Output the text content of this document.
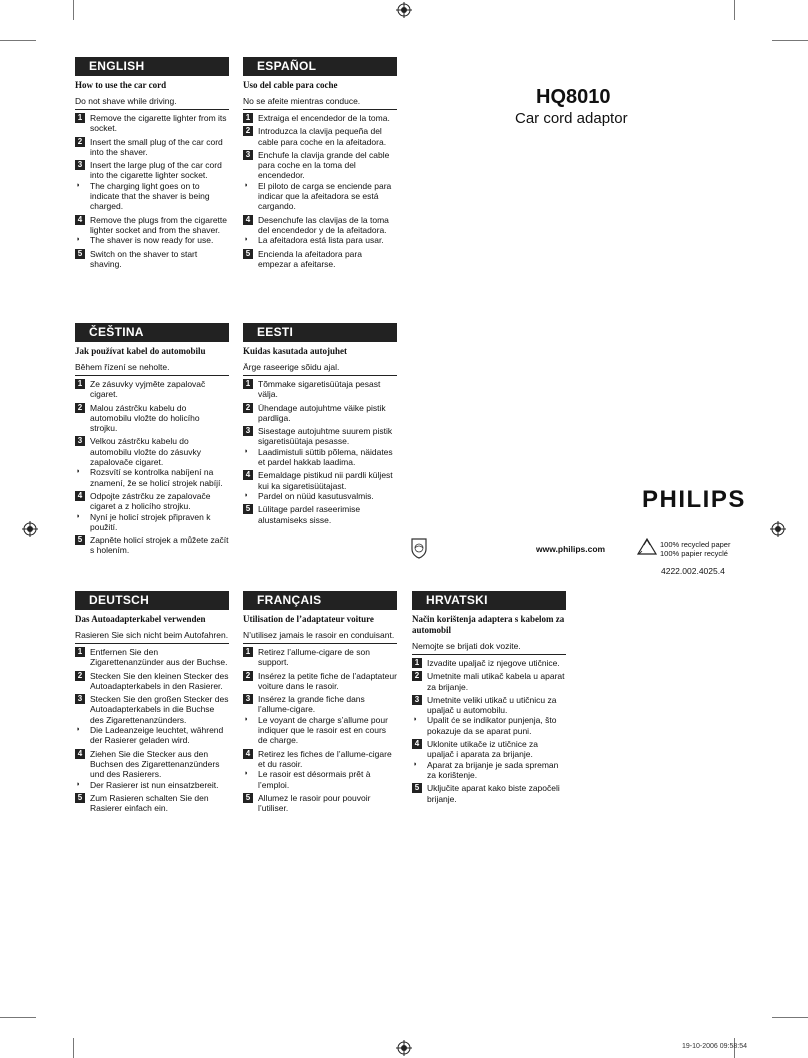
ENGLISH
How to use the car cord
Do not shave while driving.
1 Remove the cigarette lighter from its socket.
2 Insert the small plug of the car cord into the shaver.
3 Insert the large plug of the car cord into the cigarette lighter socket.
◗ The charging light goes on to indicate that the shaver is being charged.
4 Remove the plugs from the cigarette lighter socket and from the shaver.
◗ The shaver is now ready for use.
5 Switch on the shaver to start shaving.
ESPAÑOL
Uso del cable para coche
No se afeite mientras conduce.
1 Extraiga el encendedor de la toma.
2 Introduzca la clavija pequeña del cable para coche en la afeitadora.
3 Enchufe la clavija grande del cable para coche en la toma del encendedor.
◗ El piloto de carga se enciende para indicar que la afeitadora se está cargando.
4 Desenchufe las clavijas de la toma del encendedor y de la afeitadora.
◗ La afeitadora está lista para usar.
5 Encienda la afeitadora para empezar a afeitarse.
ČEŠTINA
Jak používat kabel do automobilu
Během řízení se neholte.
1 Ze zásuvky vyjměte zapalovač cigaret.
2 Malou zástrčku kabelu do automobilu vložte do holicího strojku.
3 Velkou zástrčku kabelu do automobilu vložte do zásuvky zapalovače cigaret.
◗ Rozsvítí se kontrolka nabíjení na znamení, že se holicí strojek nabíjí.
4 Odpojte zástrčku ze zapalovače cigaret a z holicího strojku.
◗ Nyní je holicí strojek připraven k použití.
5 Zapněte holicí strojek a můžete začít s holením.
EESTI
Kuidas kasutada autojuhet
Ärge raseerige sõidu ajal.
1 Tõmmake sigaretisüütaja pesast välja.
2 Ühendage autojuhtme väike pistik pardliga.
3 Sisestage autojuhtme suurem pistik sigaretisüütaja pesasse.
◗ Laadimistuli süttib põlema, näidates et pardel hakkab laadima.
4 Eemaldage pistikud nii pardli küljest kui ka sigaretisüütajast.
◗ Pardel on nüüd kasutusvalmis.
5 Lülitage pardel raseerimise alustamiseks sisse.
DEUTSCH
Das Autoadapterkabel verwenden
Rasieren Sie sich nicht beim Autofahren.
1 Entfernen Sie den Zigarettenanzünder aus der Buchse.
2 Stecken Sie den kleinen Stecker des Autoadapterkabels in den Rasierer.
3 Stecken Sie den großen Stecker des Autoadapterkabels in die Buchse des Zigarettenanzünders.
◗ Die Ladeanzeige leuchtet, während der Rasierer geladen wird.
4 Ziehen Sie die Stecker aus den Buchsen des Zigarettenanzünders und des Rasierers.
◗ Der Rasierer ist nun einsatzbereit.
5 Zum Rasieren schalten Sie den Rasierer einfach ein.
FRANÇAIS
Utilisation de l’adaptateur voiture
N’utilisez jamais le rasoir en conduisant.
1 Retirez l’allume-cigare de son support.
2 Insérez la petite fiche de l’adaptateur voiture dans le rasoir.
3 Insérez la grande fiche dans l’allume-cigare.
◗ Le voyant de charge s’allume pour indiquer que le rasoir est en cours de charge.
4 Retirez les fiches de l’allume-cigare et du rasoir.
◗ Le rasoir est désormais prêt à l’emploi.
5 Allumez le rasoir pour pouvoir l’utiliser.
HRVATSKI
Način korištenja adaptera s kabelom za automobil
Nemojte se brijati dok vozite.
1 Izvadite upaljač iz njegove utičnice.
2 Umetnite mali utikač kabela u aparat za brijanje.
3 Umetnite veliki utikač u utičnicu za upaljač u automobilu.
◗ Upalit će se indikator punjenja, što pokazuje da se aparat puni.
4 Uklonite utikače iz utičnice za upaljač i aparata za brijanje.
◗ Aparat za brijanje je sada spreman za korištenje.
5 Uključite aparat kako biste započeli brijanje.
HQ8010
Car cord adaptor
PHILIPS
www.philips.com	100% recycled paper
100% papier recyclé
4222.002.4025.4
19-10-2006 09:58:54
